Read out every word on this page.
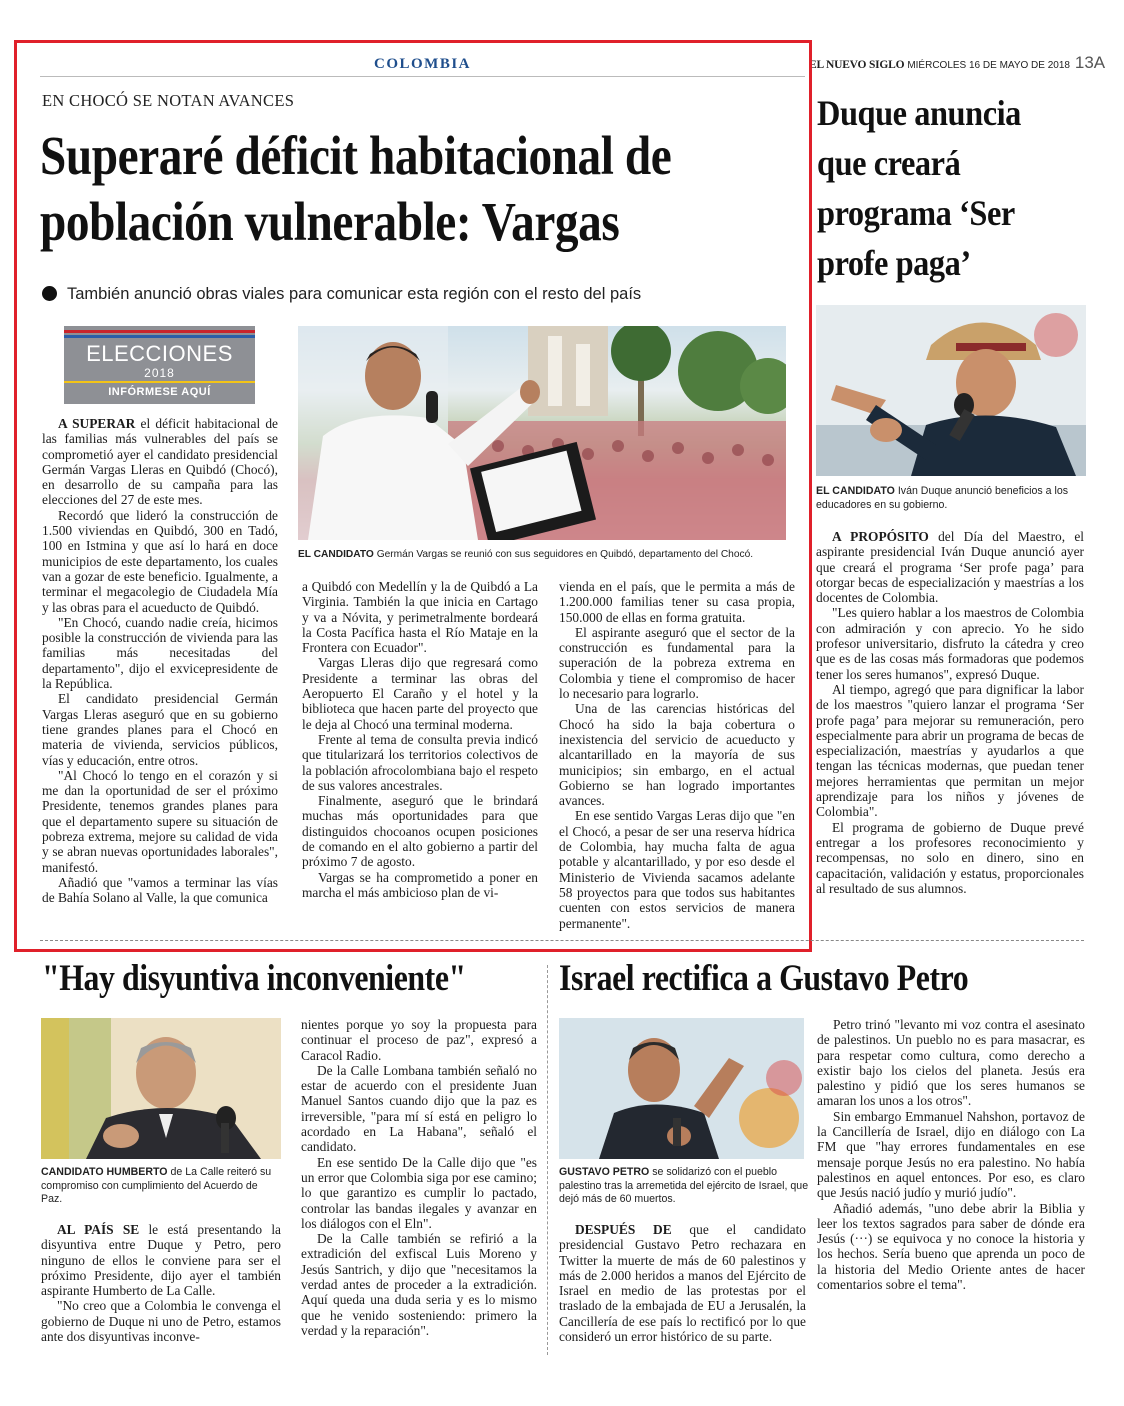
COLOMBIA	EL NUEVO SIGLO MIÉRCOLES 16 DE MAYO DE 2018 13A
EN CHOCÓ SE NOTAN AVANCES
Superaré déficit habitacional de
población vulnerable: Vargas
También anunció obras viales para comunicar esta región con el resto del país
ELECCIONES
2018
INFÓRMESE AQUÍ
EL CANDIDATO Germán Vargas se reunió con sus seguidores en Quibdó, departamento del Chocó.

A SUPERAR el déficit habitacional de las familias más vulnerables del país se comprometió ayer el candidato presidencial Germán Vargas Lleras en Quibdó (Chocó), en desarrollo de su campaña para las elecciones del 27 de este mes.

Recordó que lideró la construcción de 1.500 viviendas en Quibdó, 300 en Tadó, 100 en Istmina y que así lo hará en doce municipios de este departamento, los cuales van a gozar de este beneficio. Igualmente, a terminar el megacolegio de Ciudadela Mía y las obras para el acueducto de Quibdó.

"En Chocó, cuando nadie creía, hicimos posible la construcción de vivienda para las familias más necesitadas del departamento", dijo el exvicepresidente de la República.

El candidato presidencial Germán Vargas Lleras aseguró que en su gobierno tiene grandes planes para el Chocó en materia de vivienda, servicios públicos, vías y educación, entre otros.

"Al Chocó lo tengo en el corazón y si me dan la oportunidad de ser el próximo Presidente, tenemos grandes planes para que el departamento supere su situación de pobreza extrema, mejore su calidad de vida y se abran nuevas oportunidades laborales", manifestó.

Añadió que "vamos a terminar las vías de Bahía Solano al Valle, la que comunica

a Quibdó con Medellín y la de Quibdó a La Virginia. También la que inicia en Cartago y va a Nóvita, y perimetralmente bordeará la Costa Pacífica hasta el Río Mataje en la Frontera con Ecuador".

Vargas Lleras dijo que regresará como Presidente a terminar las obras del Aeropuerto El Caraño y el hotel y la biblioteca que hacen parte del proyecto que le deja al Chocó una terminal moderna.

Frente al tema de consulta previa indicó que titularizará los territorios colectivos de la población afrocolombiana bajo el respeto de sus valores ancestrales.

Finalmente, aseguró que le brindará muchas más oportunidades para que distinguidos chocoanos ocupen posiciones de comando en el alto gobierno a partir del próximo 7 de agosto.

Vargas se ha comprometido a poner en marcha el más ambicioso plan de vi-

vienda en el país, que le permita a más de 1.200.000 familias tener su casa propia, 150.000 de ellas en forma gratuita.

El aspirante aseguró que el sector de la construcción es fundamental para la superación de la pobreza extrema en Colombia y tiene el compromiso de hacer lo necesario para lograrlo.

Una de las carencias históricas del Chocó ha sido la baja cobertura o inexistencia del servicio de acueducto y alcantarillado en la mayoría de sus municipios; sin embargo, en el actual Gobierno se han logrado importantes avances.

En ese sentido Vargas Leras dijo que "en el Chocó, a pesar de ser una reserva hídrica de Colombia, hay mucha falta de agua potable y alcantarillado, y por eso desde el Ministerio de Vivienda sacamos adelante 58 proyectos para que todos sus habitantes cuenten con estos servicios de manera permanente".

Duque anuncia que creará programa ‘Ser profe paga’
EL CANDIDATO Iván Duque anunció beneficios a los educadores en su gobierno.

A PROPÓSITO del Día del Maestro, el aspirante presidencial Iván Duque anunció ayer que creará el programa ‘Ser profe paga’ para otorgar becas de especialización y maestrías a los docentes de Colombia.

"Les quiero hablar a los maestros de Colombia con admiración y con aprecio. Yo he sido profesor universitario, disfruto la cátedra y creo que es de las cosas más formadoras que podemos tener los seres humanos", expresó Duque.

Al tiempo, agregó que para dignificar la labor de los maestros "quiero lanzar el programa ‘Ser profe paga’ para mejorar su remuneración, pero especialmente para abrir un programa de becas de especialización, maestrías y ayudarlos a que tengan las técnicas modernas, que puedan tener mejores herramientas que permitan un mejor aprendizaje para los niños y jóvenes de Colombia".

El programa de gobierno de Duque prevé entregar a los profesores reconocimiento y recompensas, no solo en dinero, sino en capacitación, validación y estatus, proporcionales al resultado de sus alumnos.

"Hay disyuntiva inconveniente"
CANDIDATO HUMBERTO de La Calle reiteró su compromiso con cumplimiento del Acuerdo de Paz.

AL PAÍS SE le está presentando la disyuntiva entre Duque y Petro, pero ninguno de ellos le conviene para ser el próximo Presidente, dijo ayer el también aspirante Humberto de La Calle.

"No creo que a Colombia le convenga el gobierno de Duque ni uno de Petro, estamos ante dos disyuntivas inconve-

nientes porque yo soy la propuesta para continuar el proceso de paz", expresó a Caracol Radio.

De la Calle Lombana también señaló no estar de acuerdo con el presidente Juan Manuel Santos cuando dijo que la paz es irreversible, "para mí sí está en peligro lo acordado en La Habana", señaló el candidato.

En ese sentido De la Calle dijo que "es un error que Colombia siga por ese camino; lo que garantizo es cumplir lo pactado, controlar las bandas ilegales y avanzar en los diálogos con el Eln".

De la Calle también se refirió a la extradición del exfiscal Luis Moreno y Jesús Santrich, y dijo que "necesitamos la verdad antes de proceder a la extradición. Aquí queda una duda seria y es lo mismo que he venido sosteniendo: primero la verdad y la reparación".

Israel rectifica a Gustavo Petro
GUSTAVO PETRO se solidarizó con el pueblo palestino tras la arremetida del ejército de Israel, que dejó más de 60 muertos.

DESPUÉS DE que el candidato presidencial Gustavo Petro rechazara en Twitter la muerte de más de 60 palestinos y más de 2.000 heridos a manos del Ejército de Israel en medio de las protestas por el traslado de la embajada de EU a Jerusalén, la Cancillería de ese país lo rectificó por lo que consideró un error histórico de su parte.

Petro trinó "levanto mi voz contra el asesinato de palestinos. Un pueblo no es para masacrar, es para respetar como cultura, como derecho a existir bajo los cielos del planeta. Jesús era palestino y pidió que los seres humanos se amaran los unos a los otros".

Sin embargo Emmanuel Nahshon, portavoz de la Cancillería de Israel, dijo en diálogo con La FM que "hay errores fundamentales en ese mensaje porque Jesús no era palestino. No había palestinos en aquel entonces. Por eso, es claro que Jesús nació judío y murió judío".

Añadió además, "uno debe abrir la Biblia y leer los textos sagrados para saber de dónde era Jesús (···) se equivoca y no conoce la historia y los hechos. Sería bueno que aprenda un poco de la historia del Medio Oriente antes de hacer comentarios sobre el tema".
